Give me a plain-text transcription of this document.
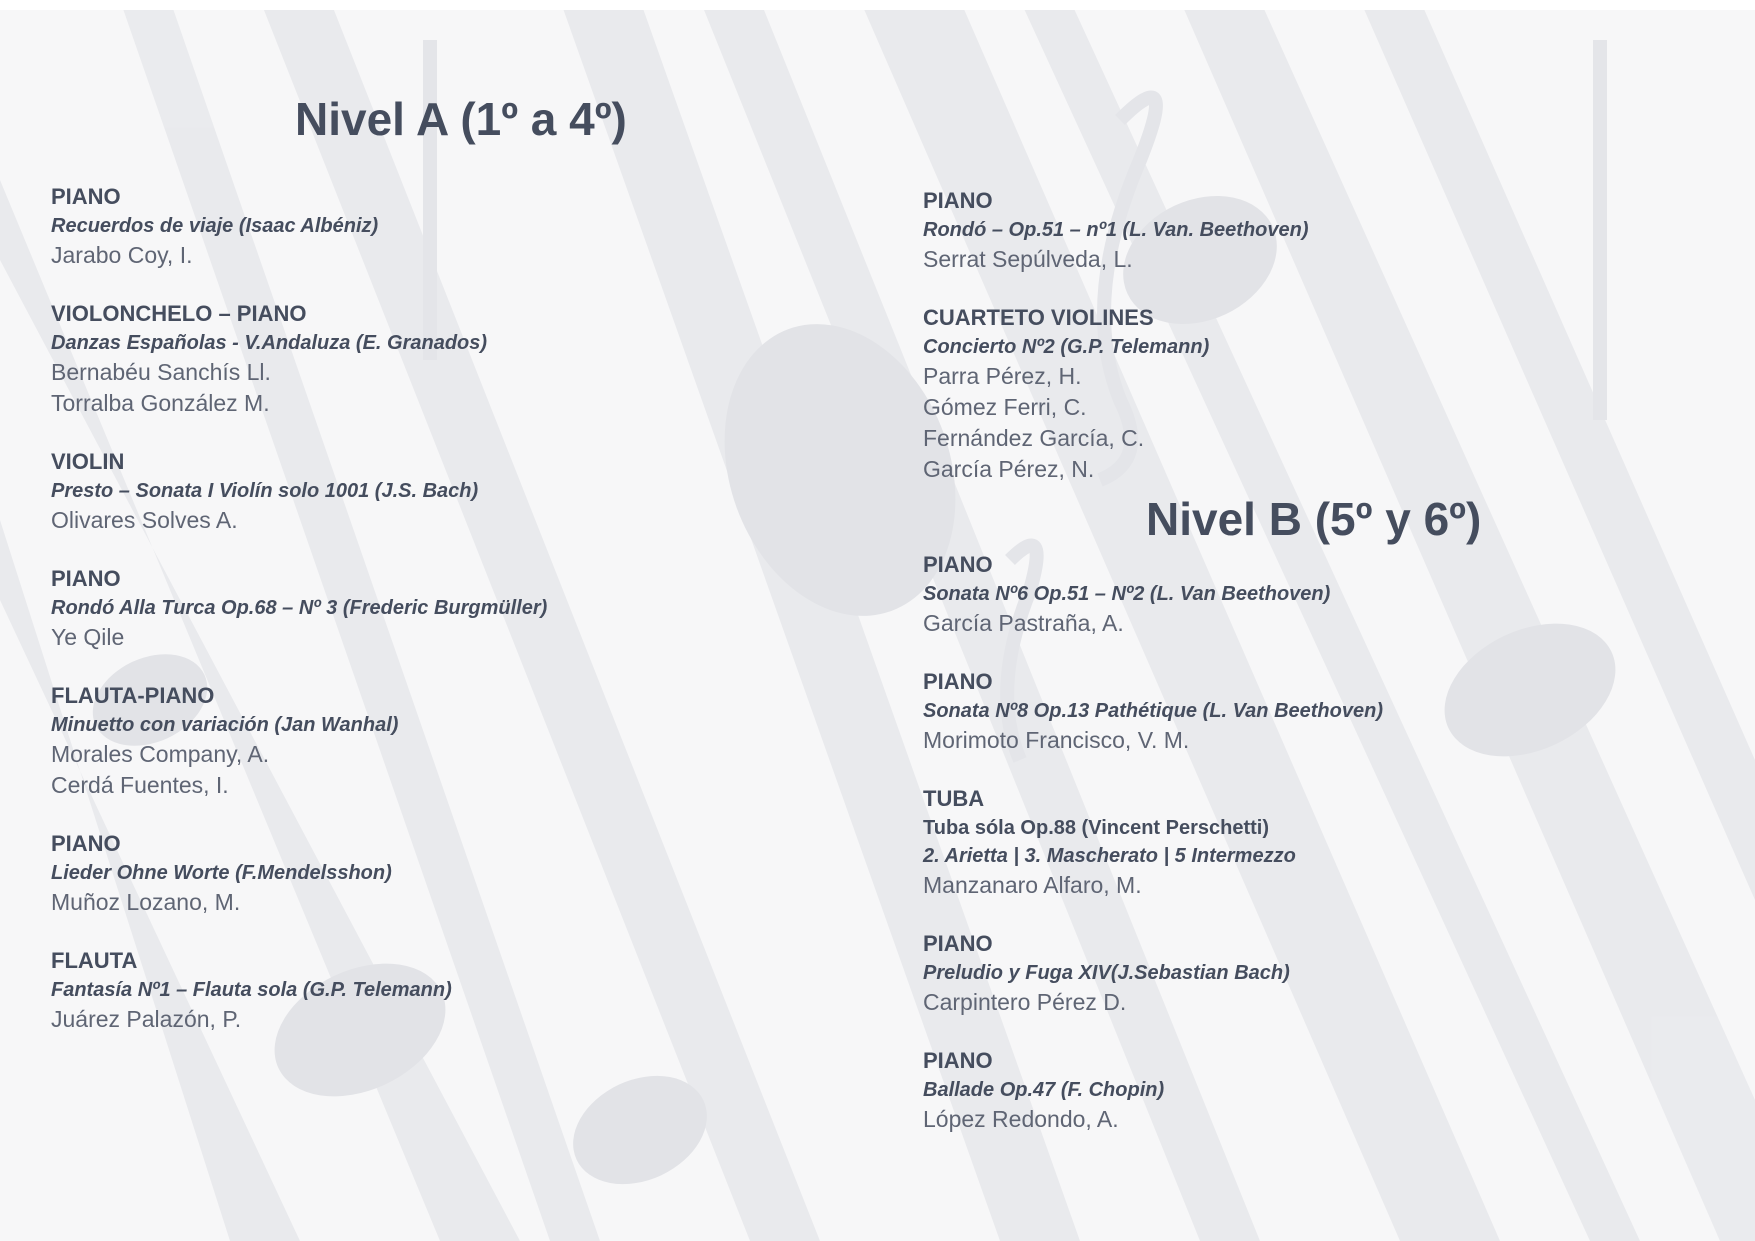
Nivel A (1º a 4º)
Nivel B (5º y 6º)
PIANO
Recuerdos de viaje (Isaac Albéniz)
Jarabo Coy, I.
VIOLONCHELO – PIANO
Danzas Españolas - V.Andaluza (E. Granados)
Bernabéu Sanchís Ll.
Torralba González M.
VIOLIN
Presto – Sonata I Violín solo 1001 (J.S. Bach)
Olivares Solves A.
PIANO
Rondó Alla Turca Op.68 – Nº 3 (Frederic Burgmüller)
Ye Qile
FLAUTA-PIANO
Minuetto con variación (Jan Wanhal)
Morales Company, A.
Cerdá Fuentes, I.
PIANO
Lieder Ohne Worte (F.Mendelsshon)
Muñoz Lozano, M.
FLAUTA
Fantasía Nº1 – Flauta sola (G.P. Telemann)
Juárez Palazón, P.
PIANO
Rondó – Op.51 – nº1 (L. Van. Beethoven)
Serrat Sepúlveda, L.
CUARTETO VIOLINES
Concierto Nº2 (G.P. Telemann)
Parra Pérez, H.
Gómez Ferri, C.
Fernández García, C.
García Pérez, N.
PIANO
Sonata Nº6 Op.51 – Nº2 (L. Van Beethoven)
García Pastraña, A.
PIANO
Sonata Nº8 Op.13 Pathétique (L. Van Beethoven)
Morimoto Francisco, V. M.
TUBA
Tuba sóla Op.88 (Vincent Perschetti)
2. Arietta | 3. Mascherato | 5 Intermezzo
Manzanaro Alfaro, M.
PIANO
Preludio y Fuga XIV(J.Sebastian Bach)
Carpintero Pérez D.
PIANO
Ballade Op.47 (F. Chopin)
López Redondo, A.
